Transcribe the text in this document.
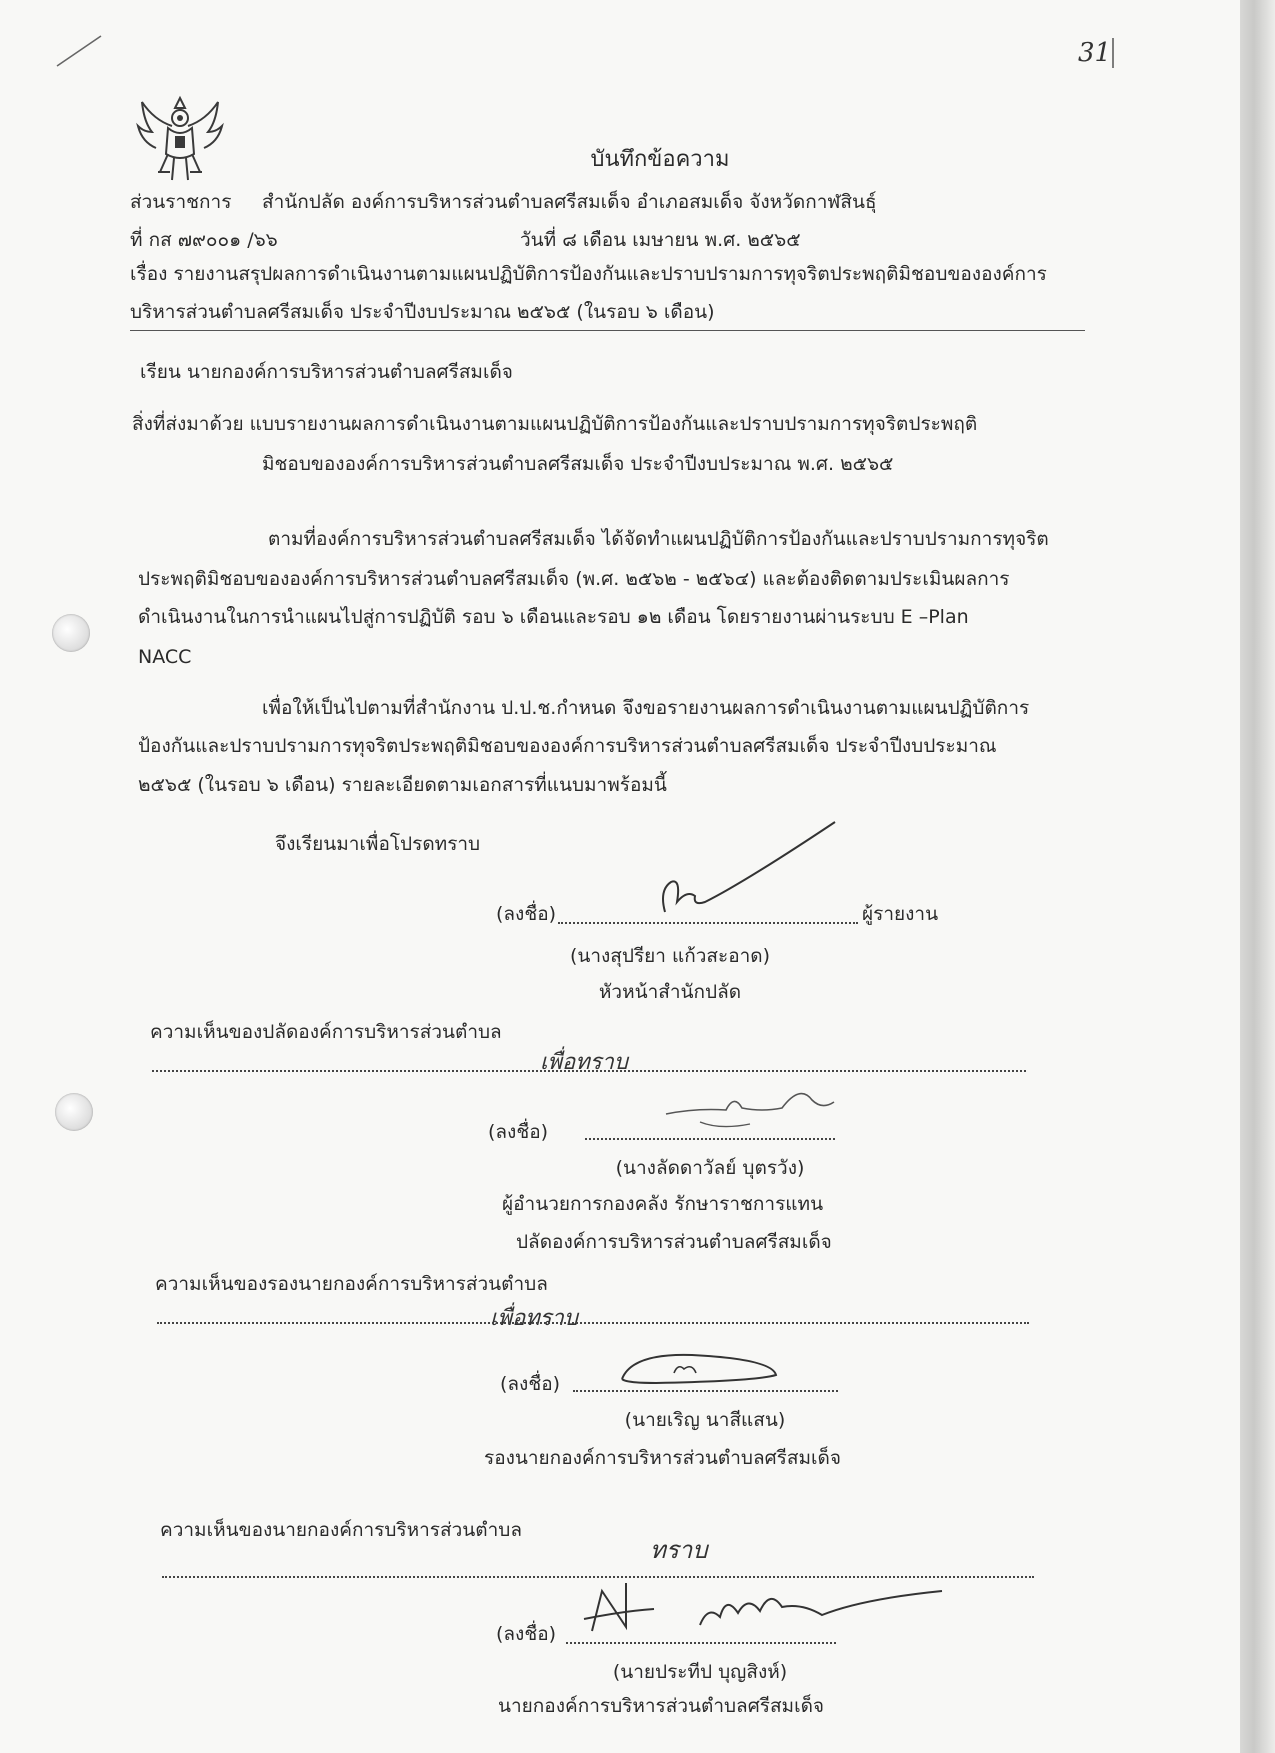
31
บันทึกข้อความ
ส่วนราชการ สำนักปลัด องค์การบริหารส่วนตำบลศรีสมเด็จ อำเภอสมเด็จ จังหวัดกาฬสินธุ์
ที่ กส ๗๙๐๐๑ /๖๖	วันที่ ๘ เดือน เมษายน พ.ศ. ๒๕๖๕
เรื่อง รายงานสรุปผลการดำเนินงานตามแผนปฏิบัติการป้องกันและปราบปรามการทุจริตประพฤติมิชอบขององค์การ
บริหารส่วนตำบลศรีสมเด็จ ประจำปีงบประมาณ ๒๕๖๕ (ในรอบ ๖ เดือน)
เรียน นายกองค์การบริหารส่วนตำบลศรีสมเด็จ
สิ่งที่ส่งมาด้วย แบบรายงานผลการดำเนินงานตามแผนปฏิบัติการป้องกันและปราบปรามการทุจริตประพฤติ
มิชอบขององค์การบริหารส่วนตำบลศรีสมเด็จ ประจำปีงบประมาณ พ.ศ. ๒๕๖๕
ตามที่องค์การบริหารส่วนตำบลศรีสมเด็จ ได้จัดทำแผนปฏิบัติการป้องกันและปราบปรามการทุจริต
ประพฤติมิชอบขององค์การบริหารส่วนตำบลศรีสมเด็จ (พ.ศ. ๒๕๖๒ - ๒๕๖๔) และต้องติดตามประเมินผลการ
ดำเนินงานในการนำแผนไปสู่การปฏิบัติ รอบ ๖ เดือนและรอบ ๑๒ เดือน โดยรายงานผ่านระบบ E –Plan
NACC
เพื่อให้เป็นไปตามที่สำนักงาน ป.ป.ช.กำหนด จึงขอรายงานผลการดำเนินงานตามแผนปฏิบัติการ
ป้องกันและปราบปรามการทุจริตประพฤติมิชอบขององค์การบริหารส่วนตำบลศรีสมเด็จ ประจำปีงบประมาณ
๒๕๖๕ (ในรอบ ๖ เดือน) รายละเอียดตามเอกสารที่แนบมาพร้อมนี้
จึงเรียนมาเพื่อโปรดทราบ
(ลงชื่อ)	ผู้รายงาน
(นางสุปรียา แก้วสะอาด)
หัวหน้าสำนักปลัด
ความเห็นของปลัดองค์การบริหารส่วนตำบล
เพื่อทราบ
(ลงชื่อ)
(นางลัดดาวัลย์ บุตรวัง)
ผู้อำนวยการกองคลัง รักษาราชการแทน
ปลัดองค์การบริหารส่วนตำบลศรีสมเด็จ
ความเห็นของรองนายกองค์การบริหารส่วนตำบล
เพื่อทราบ
(ลงชื่อ)
(นายเริญ นาสีแสน)
รองนายกองค์การบริหารส่วนตำบลศรีสมเด็จ
ความเห็นของนายกองค์การบริหารส่วนตำบล
ทราบ
(ลงชื่อ)
(นายประทีป บุญสิงห์)
นายกองค์การบริหารส่วนตำบลศรีสมเด็จ
